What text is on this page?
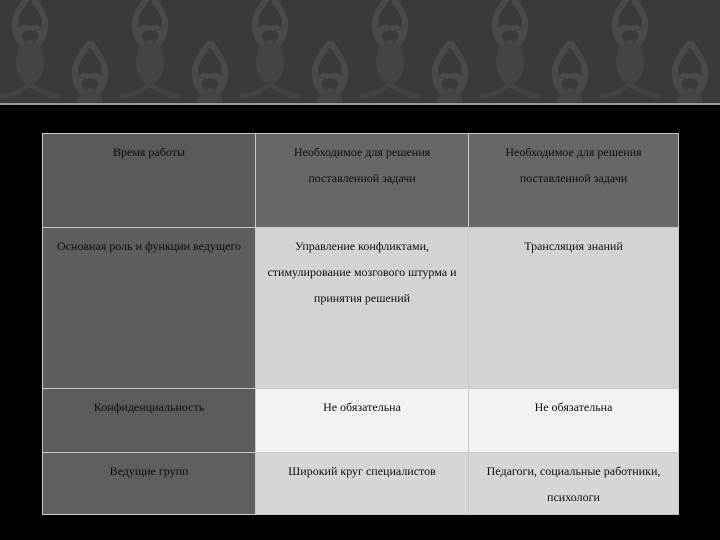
Время работы	Необходимое для решения поставленной задачи	Необходимое для решения поставленной задачи

Основная роль и функции ведущего	Управление конфликтами, стимулирование мозгового штурма и принятия решений	Трансляция знаний

Конфиденциальность	Не обязательна	Не обязательна

Ведущие групп	Широкий круг специалистов	Педагоги, социальные работники, психологи
